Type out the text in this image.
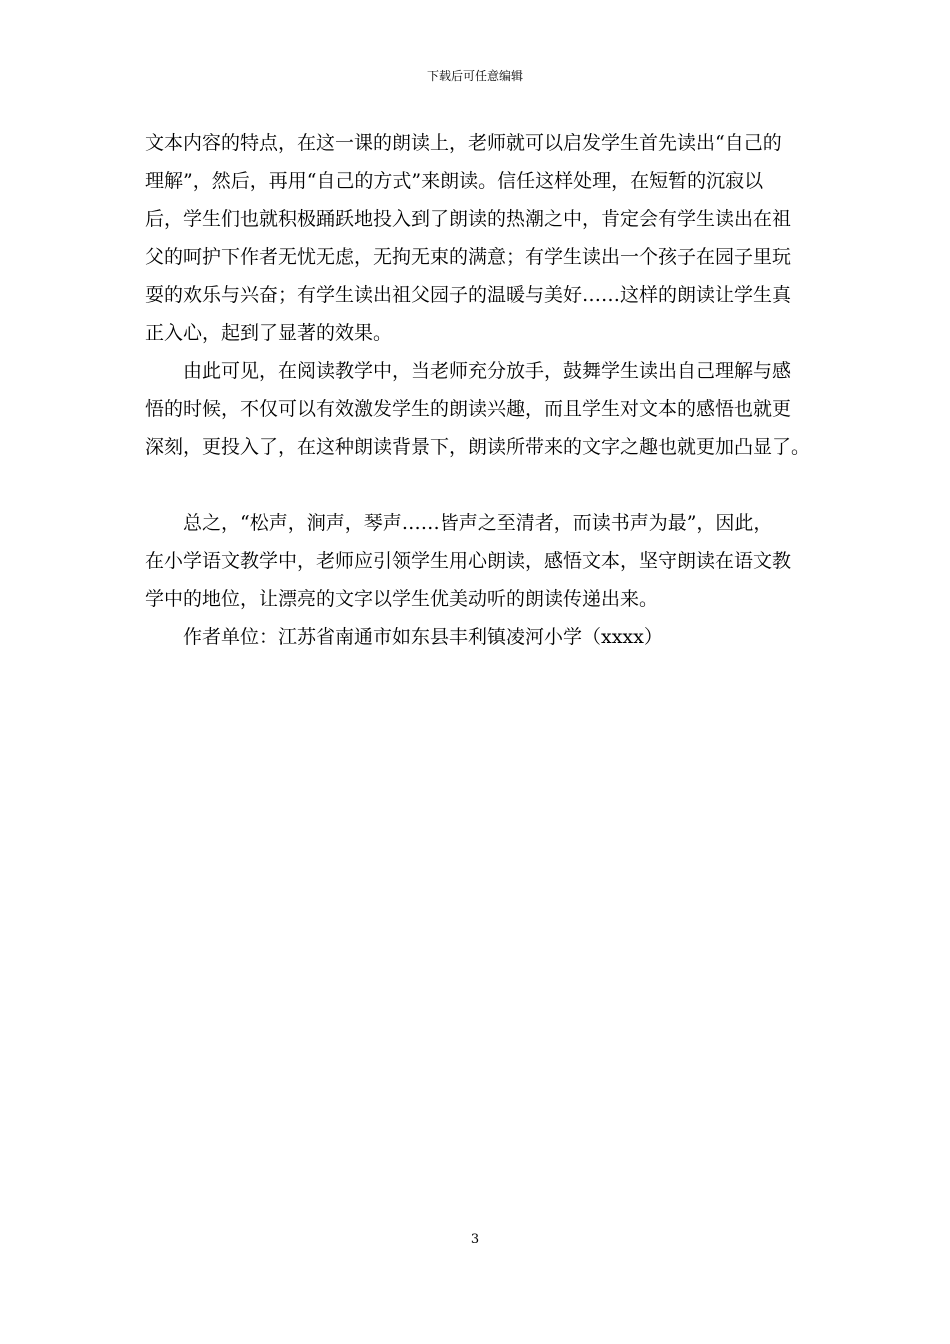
下载后可任意编辑
文本内容的特点，在这一课的朗读上，老师就可以启发学生首先读出“自己的
理解”，然后，再用“自己的方式”来朗读。信任这样处理，在短暂的沉寂以
后，学生们也就积极踊跃地投入到了朗读的热潮之中，肯定会有学生读出在祖
父的呵护下作者无忧无虑，无拘无束的满意；有学生读出一个孩子在园子里玩
耍的欢乐与兴奋；有学生读出祖父园子的温暖与美好……这样的朗读让学生真
正入心，起到了显著的效果。
由此可见，在阅读教学中，当老师充分放手，鼓舞学生读出自己理解与感
悟的时候，不仅可以有效激发学生的朗读兴趣，而且学生对文本的感悟也就更
深刻，更投入了，在这种朗读背景下，朗读所带来的文字之趣也就更加凸显了。
总之，“松声，涧声，琴声……皆声之至清者，而读书声为最”，因此，
在小学语文教学中，老师应引领学生用心朗读，感悟文本，坚守朗读在语文教
学中的地位，让漂亮的文字以学生优美动听的朗读传递出来。
作者单位：江苏省南通市如东县丰利镇凌河小学（xxxx）
3
